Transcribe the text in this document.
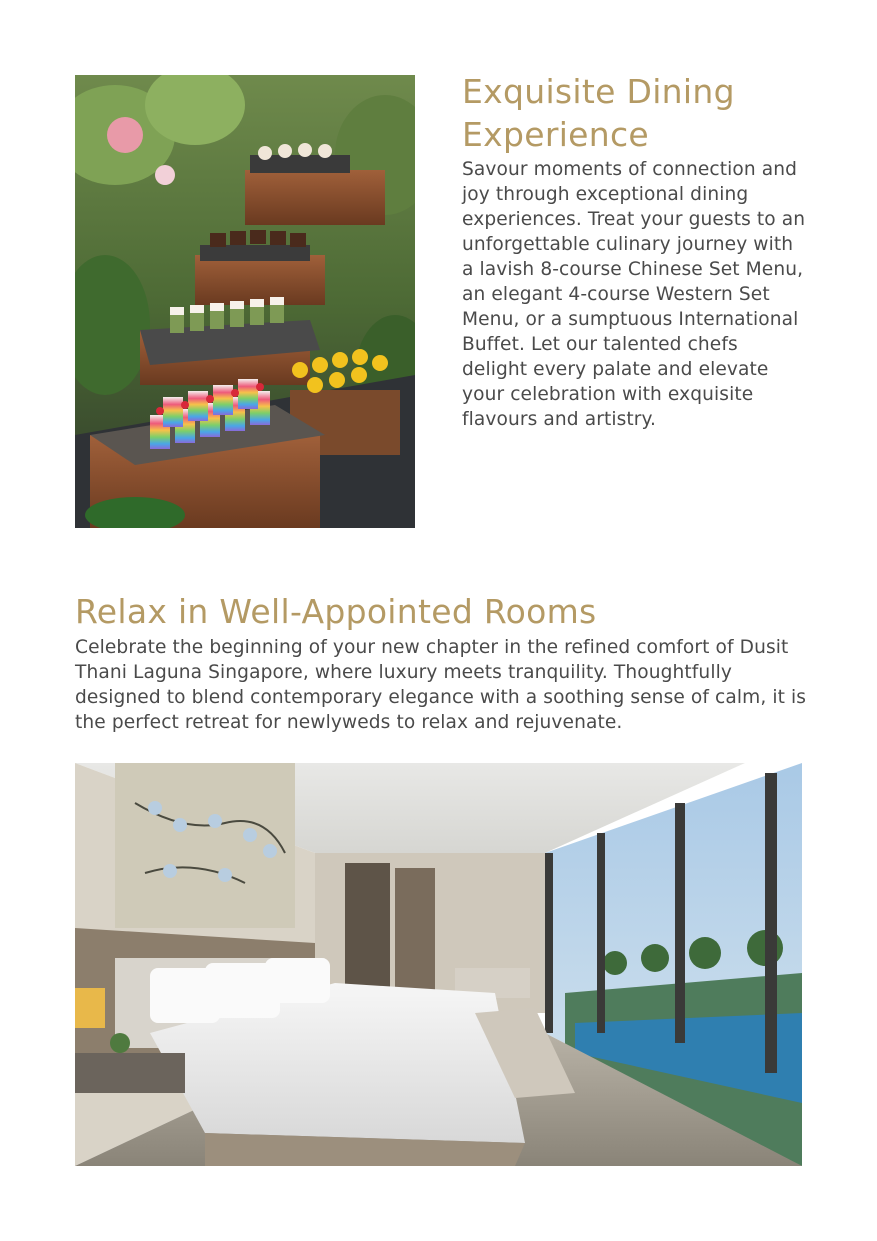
Exquisite Dining Experience

Savour moments of connection and joy through exceptional dining experiences. Treat your guests to an unforgettable culinary journey with a lavish 8-course Chinese Set Menu, an elegant 4-course Western Set Menu, or a sumptuous International Buffet. Let our talented chefs delight every palate and elevate your celebration with exquisite flavours and artistry.

Relax in Well-Appointed Rooms

Celebrate the beginning of your new chapter in the refined comfort of Dusit Thani Laguna Singapore, where luxury meets tranquility. Thoughtfully designed to blend contemporary elegance with a soothing sense of calm, it is the perfect retreat for newlyweds to relax and rejuvenate.
